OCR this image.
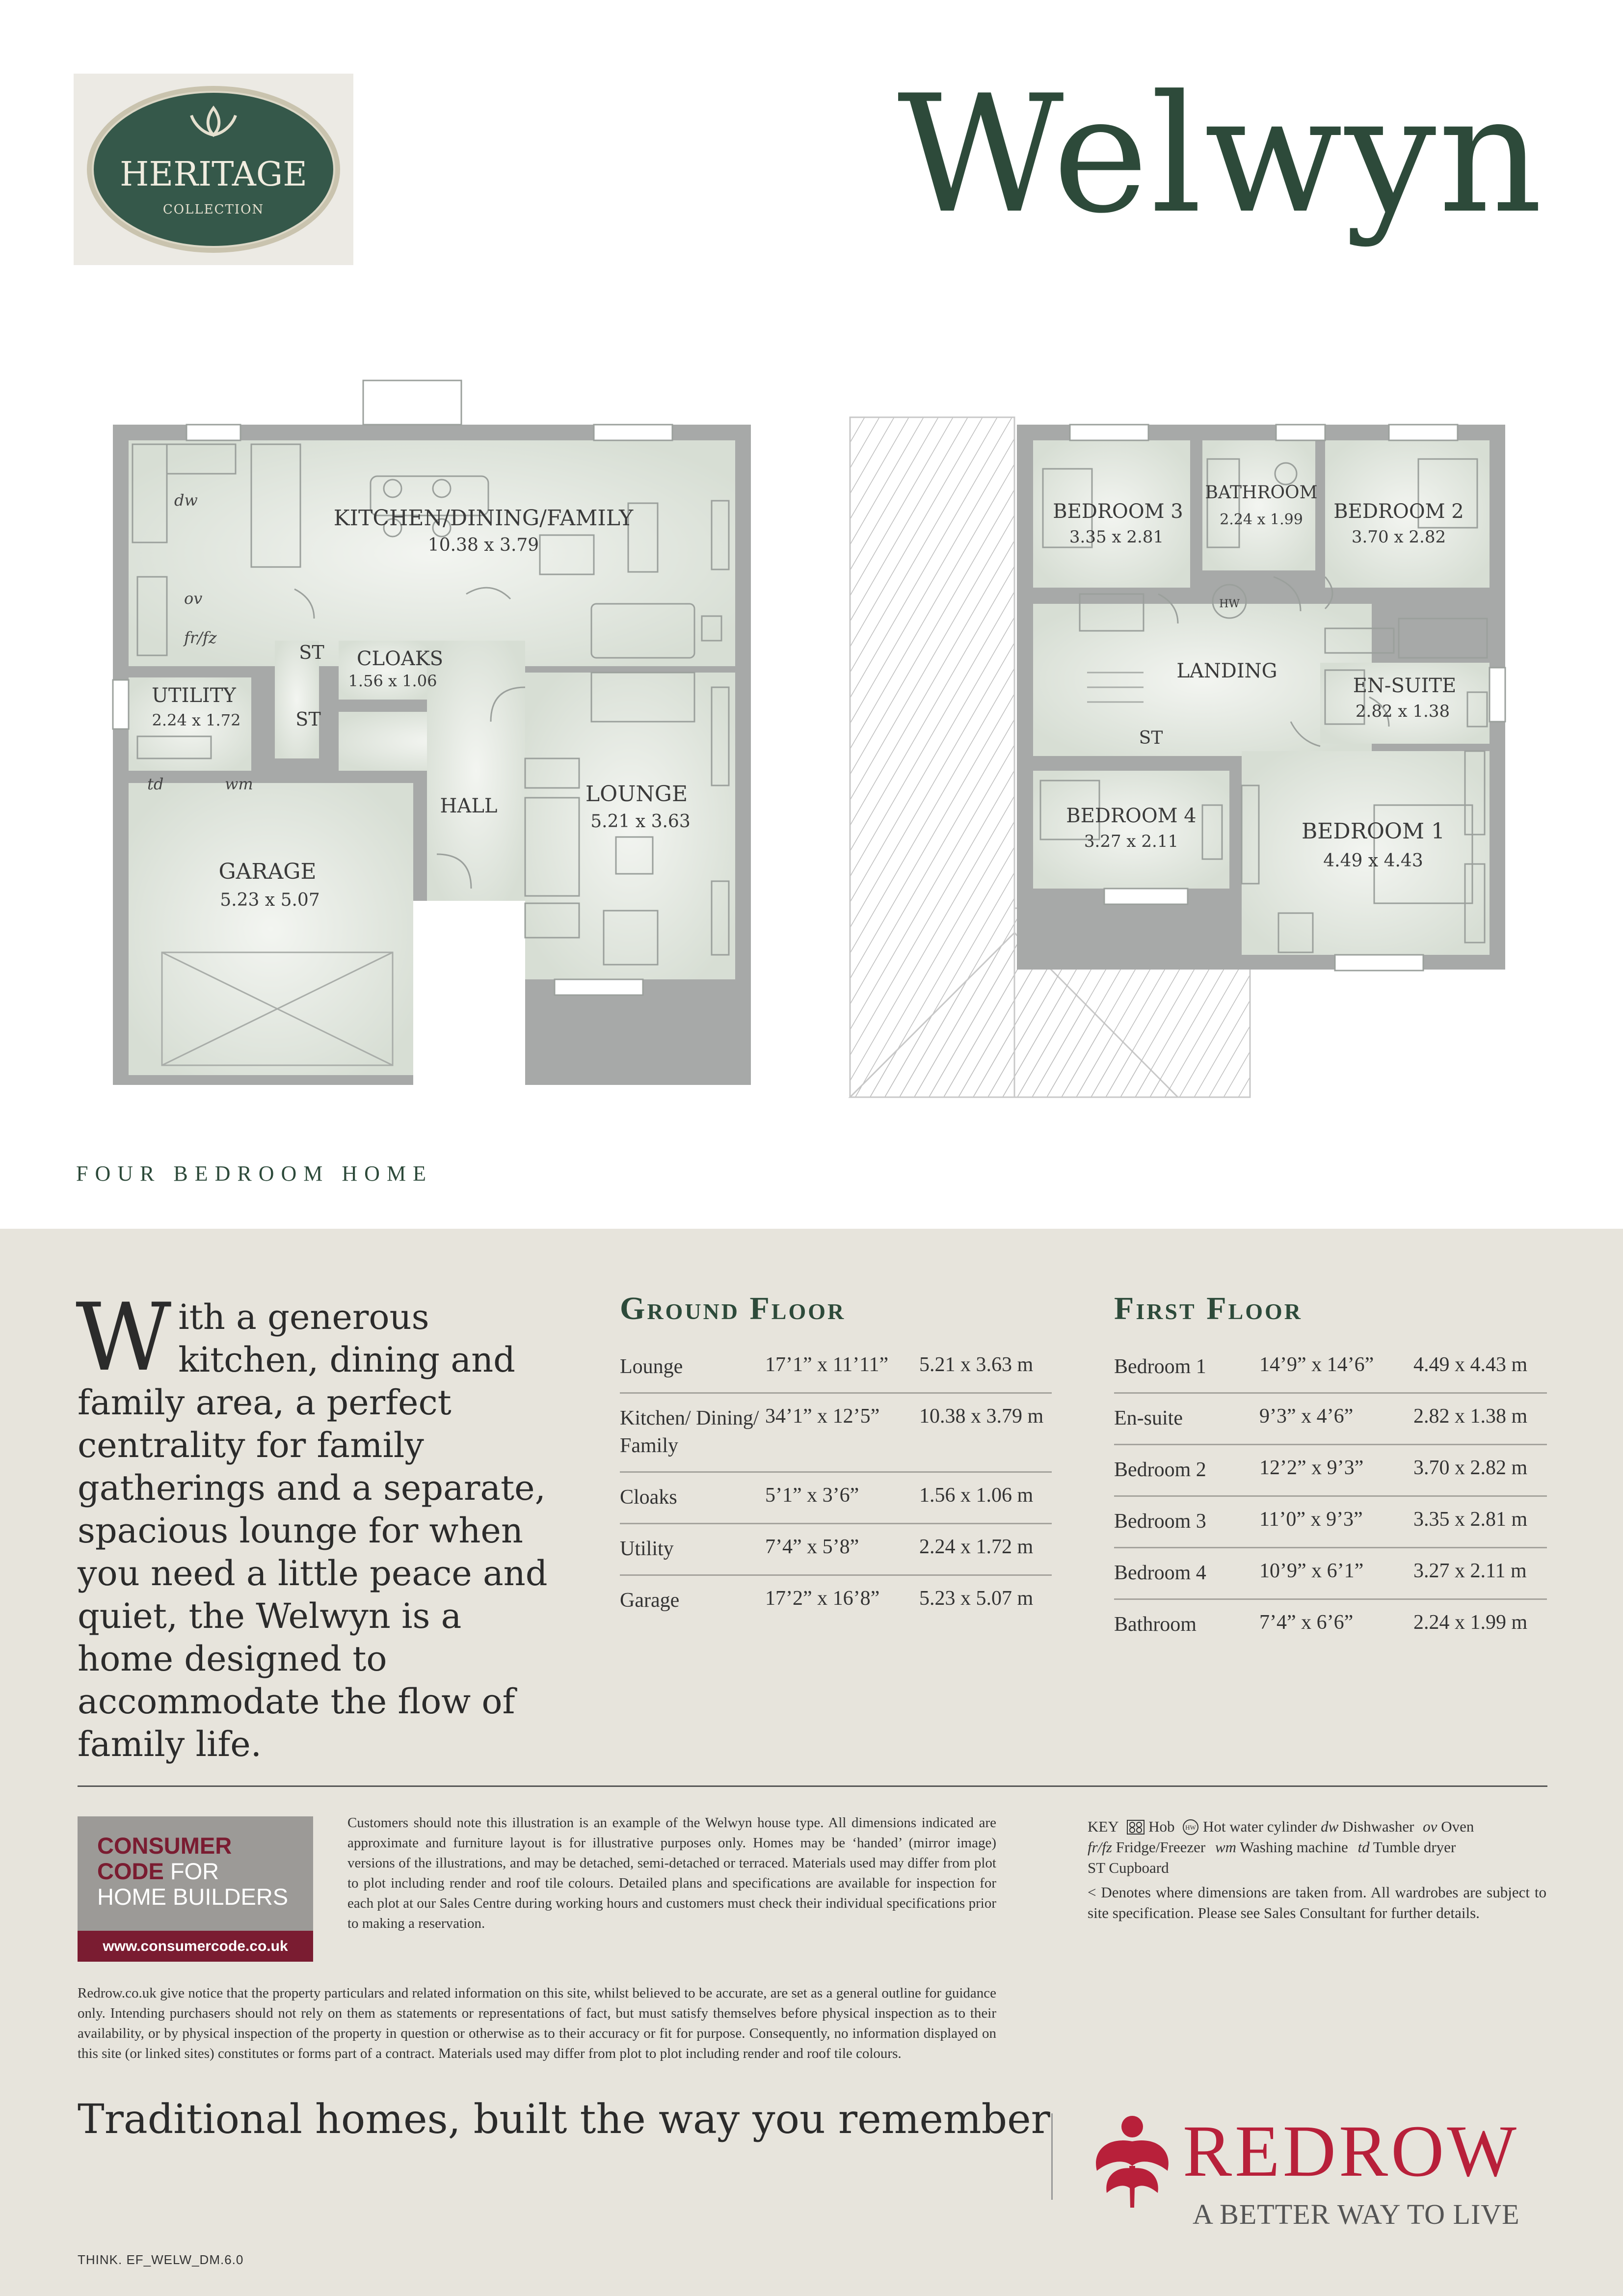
HERITAGE
COLLECTION	Welwyn
KITCHEN/DINING/FAMILY
10.38 x 3.79
CLOAKS
1.56 x 1.06
UTILITY
2.24 x 1.72
GARAGE
5.23 x 5.07
LOUNGE
5.21 x 3.63
HALL
ST
ST
dw
ov
fr/fz
td	wm
BEDROOM 3
3.35 x 2.81
BATHROOM
2.24 x 1.99 BEDROOM 2
3.70 x 2.82
LANDING
EN-SUITE
2.82 x 1.38
BEDROOM 4
3.27 x 2.11	BEDROOM 1
4.49 x 4.43
ST
HW
FOUR BEDROOM HOME
With a generous kitchen, dining and family area, a perfect centrality for family gatherings and a separate, spacious lounge for when you need a little peace and quiet, the Welwyn is a home designed to accommodate the flow of family life.
Ground Floor
Lounge	17’1” x 11’11”	5.21 x 3.63 m
Kitchen/ Dining/ Family	34’1” x 12’5”	10.38 x 3.79 m
Cloaks	5’1” x 3’6”	1.56 x 1.06 m
Utility	7’4” x 5’8”	2.24 x 1.72 m
Garage	17’2” x 16’8”	5.23 x 5.07 m
First Floor
Bedroom 1	14’9” x 14’6”	4.49 x 4.43 m
En-suite	9’3” x 4’6”	2.82 x 1.38 m
Bedroom 2	12’2” x 9’3”	3.70 x 2.82 m
Bedroom 3	11’0” x 9’3”	3.35 x 2.81 m
Bedroom 4	10’9” x 6’1”	3.27 x 2.11 m
Bathroom	7’4” x 6’6”	2.24 x 1.99 m
CONSUMER
CODE FOR
HOME BUILDERS
www.consumercode.co.uk
Customers should note this illustration is an example of the Welwyn house type. All dimensions indicated are approximate and furniture layout is for illustrative purposes only. Homes may be ‘handed’ (mirror image) versions of the illustrations, and may be detached, semi-detached or terraced. Materials used may differ from plot to plot including render and roof tile colours. Detailed plans and specifications are available for inspection for each plot at our Sales Centre during working hours and customers must check their individual specifications prior to making a reservation.
Redrow.co.uk give notice that the property particulars and related information on this site, whilst believed to be accurate, are set as a general outline for guidance only. Intending purchasers should not rely on them as statements or representations of fact, but must satisfy themselves before physical inspection as to their availability, or by physical inspection of the property in question or otherwise as to their accuracy or fit for purpose. Consequently, no information displayed on this site (or linked sites) constitutes or forms part of a contract. Materials used may differ from plot to plot including render and roof tile colours.
KEY Hob HW Hot water cylinder dw Dishwasher ov Oven
fr/fz Fridge/Freezer wm Washing machine td Tumble dryer
ST Cupboard
< Denotes where dimensions are taken from. All wardrobes are subject to site specification. Please see Sales Consultant for further details.
Traditional homes, built the way you remember REDROW
A BETTER WAY TO LIVE
THINK. EF_WELW_DM.6.0
